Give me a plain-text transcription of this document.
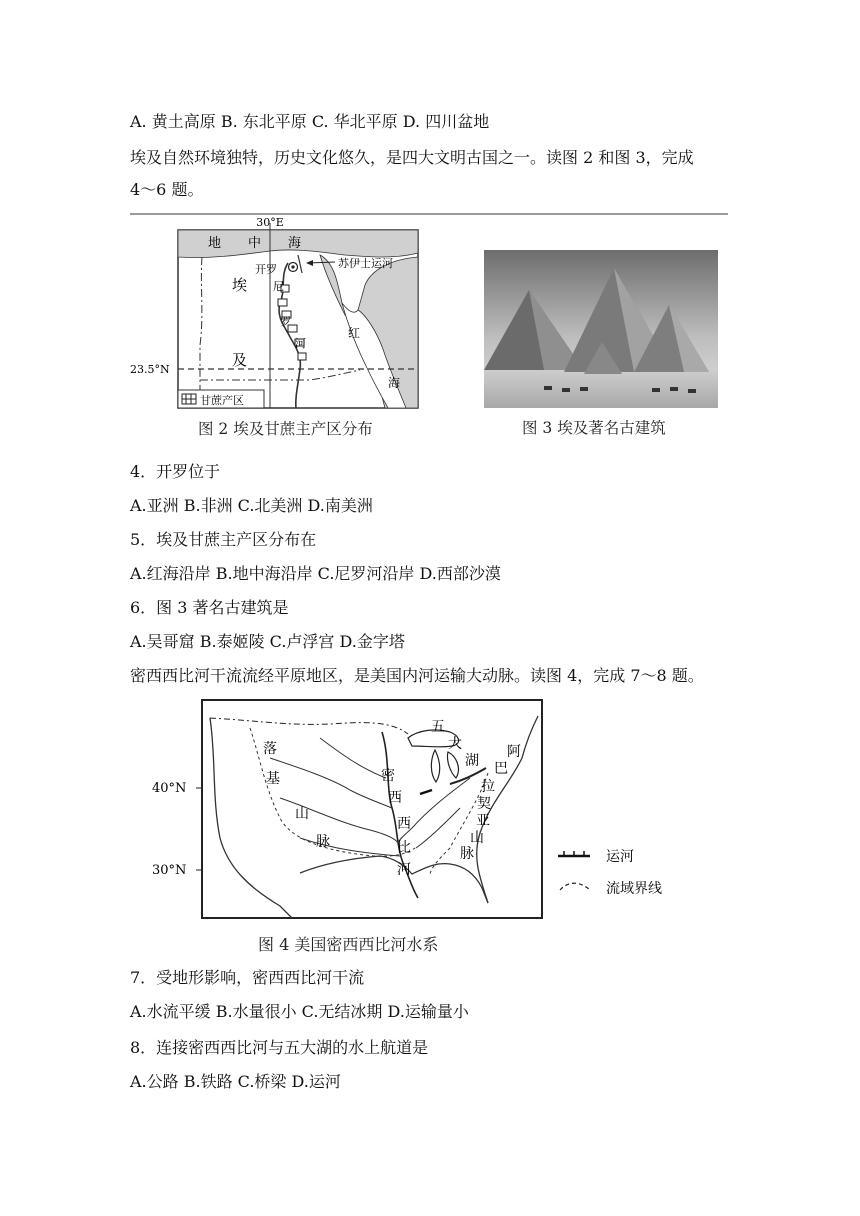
A. 黄土高原 B. 东北平原 C. 华北平原 D. 四川盆地
埃及自然环境独特，历史文化悠久，是四大文明古国之一。读图 2 和图 3，完成
4～6 题。
30°E
地 中 海
开罗	苏伊士运河
尼
罗
河
埃
及
红
海
23.5°N
甘蔗产区
图 2 埃及甘蔗主产区分布	图 3 埃及著名古建筑
4．开罗位于
A.亚洲 B.非洲 C.北美洲 D.南美洲
5．埃及甘蔗主产区分布在
A.红海沿岸 B.地中海沿岸 C.尼罗河沿岸 D.西部沙漠
6．图 3 著名古建筑是
A.吴哥窟 B.泰姬陵 C.卢浮宫 D.金字塔
密西西比河干流流经平原地区，是美国内河运输大动脉。读图 4，完成 7～8 题。
40°N
30°N
落
基
山
脉
五
大
湖
阿
巴
拉
契
亚
山
脉
密
西
西
比
河
运河
流域界线
图 4 美国密西西比河水系
7．受地形影响，密西西比河干流
A.水流平缓 B.水量很小 C.无结冰期 D.运输量小
8．连接密西西比河与五大湖的水上航道是
A.公路 B.铁路 C.桥梁 D.运河
